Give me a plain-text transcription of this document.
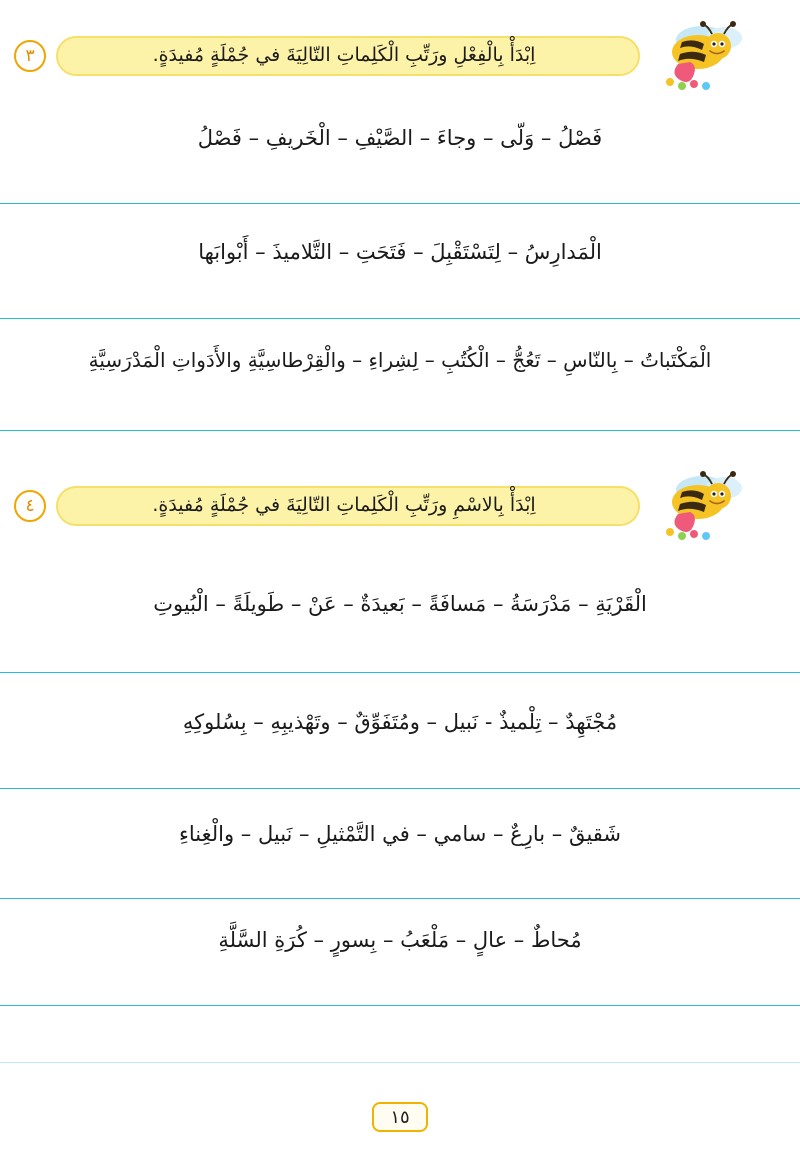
اِبْدَأْ بِالْفِعْلِ ورَتِّبِ الْكَلِماتِ التّالِيَةَ في جُمْلَةٍ مُفيدَةٍ.
٣
فَصْلُ – وَلّى – وجاءَ – الصَّيْفِ – الْخَريفِ – فَصْلُ
الْمَدارِسُ – لِتَسْتَقْبِلَ – فَتَحَتِ – التَّلاميذَ – أَبْوابَها
الْمَكْتَباتُ – بِالنّاسِ – تَعُجُّ – الْكُتُبِ – لِشِراءِ – والْقِرْطاسِيَّةِ والأَدَواتِ الْمَدْرَسِيَّةِ
اِبْدَأْ بِالاسْمِ ورَتِّبِ الْكَلِماتِ التّالِيَةَ في جُمْلَةٍ مُفيدَةٍ.
٤
الْقَرْيَةِ – مَدْرَسَةُ – مَسافَةً – بَعيدَةٌ – عَنْ – طَويلَةً – الْبُيوتِ
مُجْتَهِدٌ – تِلْميذٌ - نَبيل – ومُتَفَوِّقٌ – وتَهْذيبِهِ – بِسُلوكِهِ
شَقيقٌ – بارِعٌ – سامي – في التَّمْثيلِ – نَبيل – والْغِناءِ
مُحاطٌ – عالٍ – مَلْعَبُ – بِسورٍ – كُرَةِ السَّلَّةِ
١٥
